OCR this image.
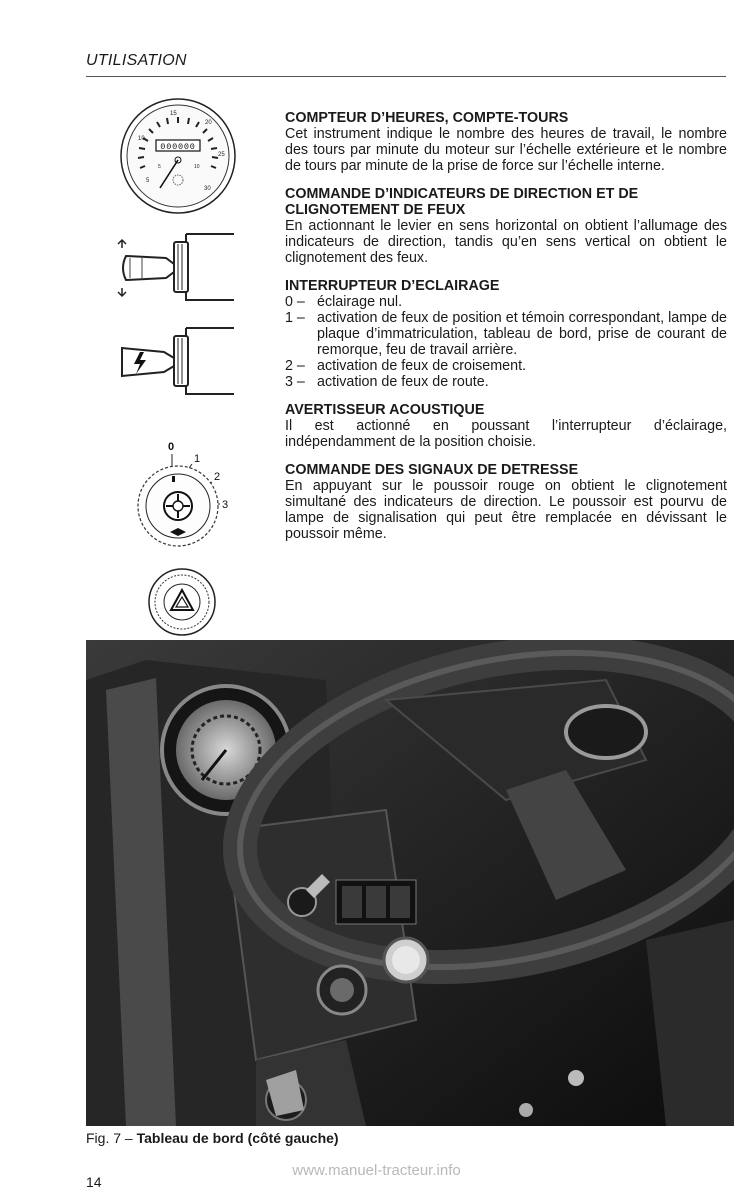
UTILISATION
5
10
15
20
25
30
5	10
000000
0
1
2
3
COMPTEUR D’HEURES, COMPTE-TOURS

Cet instrument indique le nombre des heures de travail, le nombre des tours par minute du moteur sur l’échelle extérieure et le nombre de tours par minute de la prise de force sur l’échelle interne.

COMMANDE D’INDICATEURS DE DIRECTION ET DE CLIGNOTEMENT DE FEUX

En actionnant le levier en sens horizontal on obtient l’allumage des indicateurs de direction, tandis qu’en sens vertical on obtient le clignotement des feux.

INTERRUPTEUR D’ECLAIRAGE
0 – éclairage nul.
1 – activation de feux de position et témoin correspondant, lampe de plaque d’immatriculation, tableau de bord, prise de courant de remorque, feu de travail arrière.
2 – activation de feux de croisement.
3 – activation de feux de route.
AVERTISSEUR ACOUSTIQUE

Il est actionné en poussant l’interrupteur d’éclairage, indépendamment de la position choisie.

COMMANDE DES SIGNAUX DE DETRESSE

En appuyant sur le poussoir rouge on obtient le clignotement simultané des indicateurs de direction. Le poussoir est pourvu de lampe de signalisation qui peut être remplacée en dévissant le poussoir même.

Fig. 7 – Tableau de bord (côté gauche)
www.manuel-tracteur.info
14
